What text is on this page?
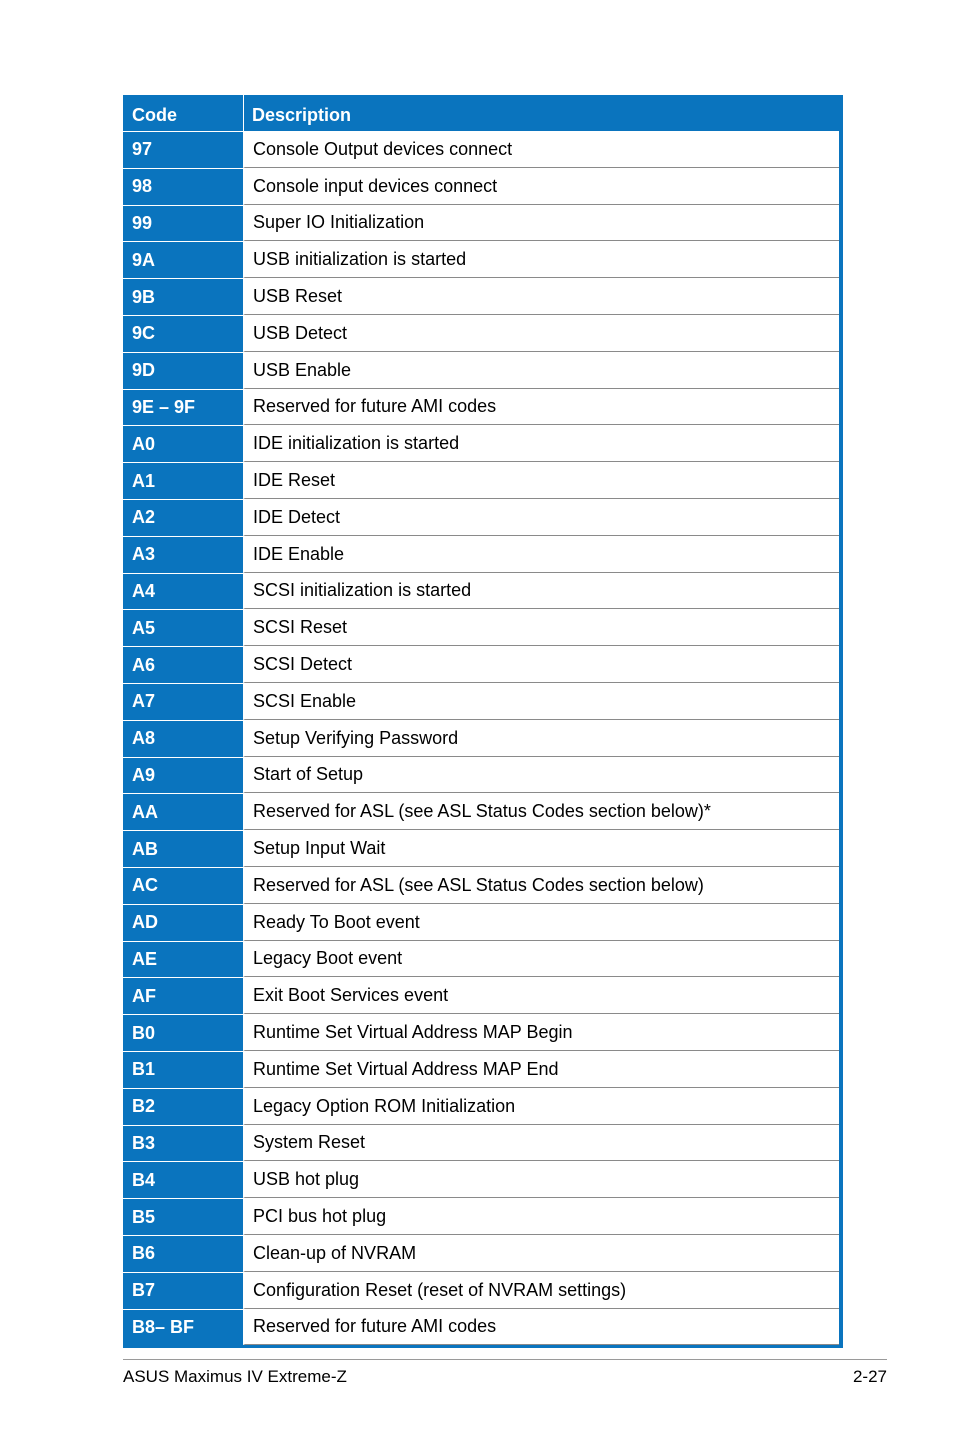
Code	Description
97	Console Output devices connect
98	Console input devices connect
99	Super IO Initialization
9A	USB initialization is started
9B	USB Reset
9C	USB Detect
9D	USB Enable
9E – 9F	Reserved for future AMI codes
A0	IDE initialization is started
A1	IDE Reset
A2	IDE Detect
A3	IDE Enable
A4	SCSI initialization is started
A5	SCSI Reset
A6	SCSI Detect
A7	SCSI Enable
A8	Setup Verifying Password
A9	Start of Setup
AA	Reserved for ASL (see ASL Status Codes section below)*
AB	Setup Input Wait
AC	Reserved for ASL (see ASL Status Codes section below)
AD	Ready To Boot event
AE	Legacy Boot event
AF	Exit Boot Services event
B0	Runtime Set Virtual Address MAP Begin
B1	Runtime Set Virtual Address MAP End
B2	Legacy Option ROM Initialization
B3	System Reset
B4	USB hot plug
B5	PCI bus hot plug
B6	Clean-up of NVRAM
B7	Configuration Reset (reset of NVRAM settings)
B8– BF	Reserved for future AMI codes
ASUS Maximus IV Extreme-Z	2-27
